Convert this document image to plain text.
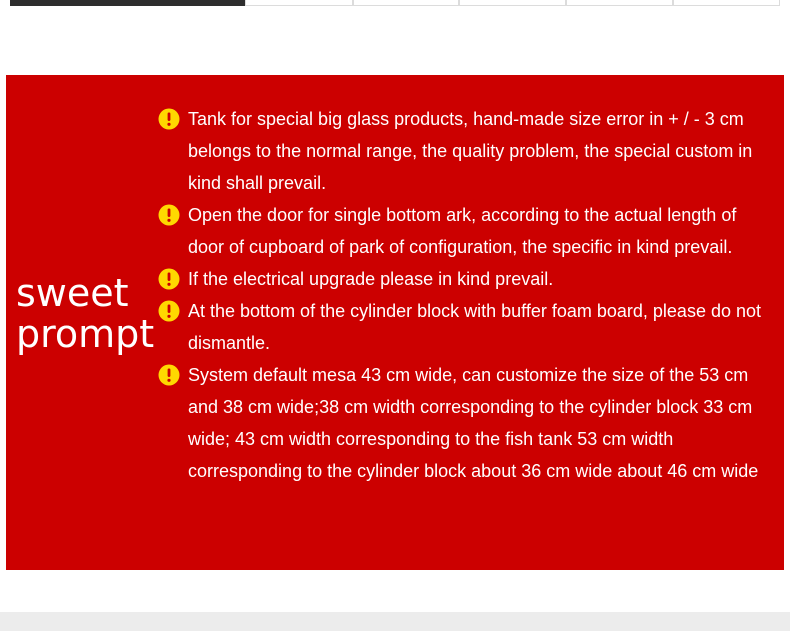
sweet
prompt
Tank for special big glass products, hand-made size error in + / - 3 cm belongs to the normal range, the quality problem, the special custom in kind shall prevail.
Open the door for single bottom ark, according to the actual length of door of cupboard of park of configuration, the specific in kind prevail.
If the electrical upgrade please in kind prevail.
At the bottom of the cylinder block with buffer foam board, please do not dismantle.
System default mesa 43 cm wide, can customize the size of the 53 cm and 38 cm wide;38 cm width corresponding to the cylinder block 33 cm wide; 43 cm width corresponding to the fish tank 53 cm width corresponding to the cylinder block about 36 cm wide about 46 cm wide
